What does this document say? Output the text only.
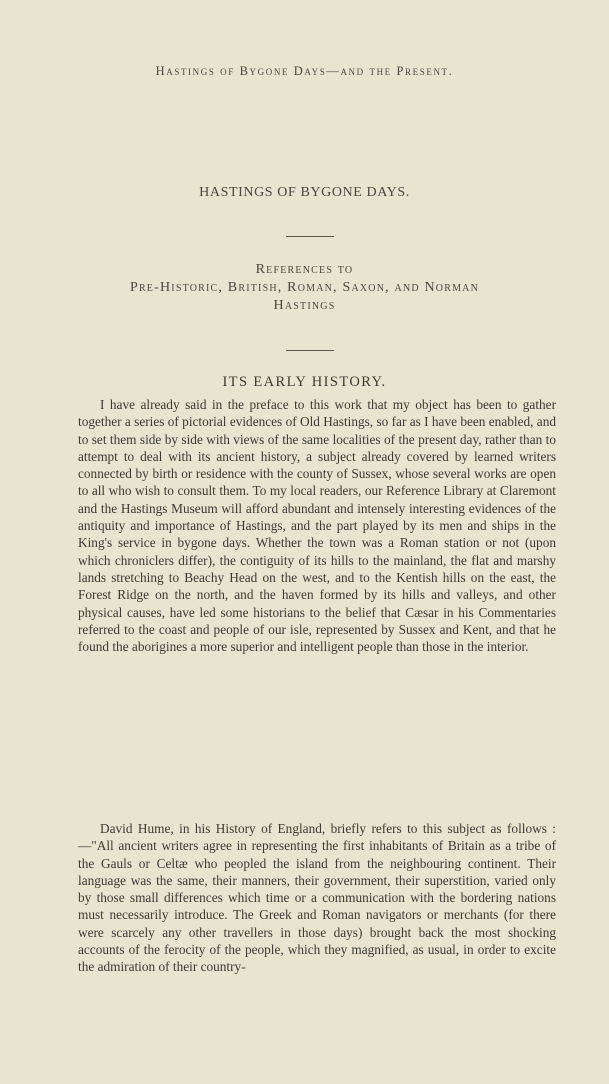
Hastings of Bygone Days—and the Present.
HASTINGS OF BYGONE DAYS.
References to
Pre-Historic, British, Roman, Saxon, and Norman
Hastings
ITS EARLY HISTORY.

I have already said in the preface to this work that my object has been to gather together a series of pictorial evidences of Old Hastings, so far as I have been enabled, and to set them side by side with views of the same localities of the present day, rather than to attempt to deal with its ancient history, a subject already covered by learned writers connected by birth or residence with the county of Sussex, whose several works are open to all who wish to consult them. To my local readers, our Reference Library at Claremont and the Hastings Museum will afford abundant and intensely interesting evidences of the antiquity and importance of Hastings, and the part played by its men and ships in the King's service in bygone days. Whether the town was a Roman station or not (upon which chroniclers differ), the contiguity of its hills to the mainland, the flat and marshy lands stretching to Beachy Head on the west, and to the Kentish hills on the east, the Forest Ridge on the north, and the haven formed by its hills and valleys, and other physical causes, have led some historians to the belief that Cæsar in his Commentaries referred to the coast and people of our isle, represented by Sussex and Kent, and that he found the aborigines a more superior and intelligent people than those in the interior.

David Hume, in his History of England, briefly refers to this subject as follows :—"All ancient writers agree in representing the first inhabitants of Britain as a tribe of the Gauls or Celtæ who peopled the island from the neighbouring continent. Their language was the same, their manners, their government, their superstition, varied only by those small differences which time or a communication with the bordering nations must necessarily introduce. The Greek and Roman navigators or merchants (for there were scarcely any other travellers in those days) brought back the most shocking accounts of the ferocity of the people, which they magnified, as usual, in order to excite the admiration of their country-
